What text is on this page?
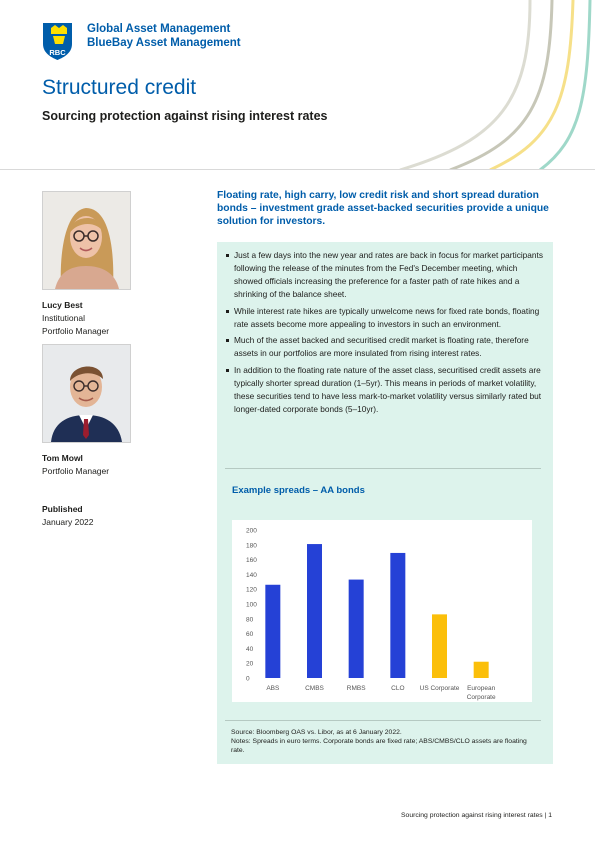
RBC
Global Asset Management
BlueBay Asset Management
Structured credit
Sourcing protection against rising interest rates
Lucy Best
Institutional
Portfolio Manager
Tom Mowl
Portfolio Manager
Published
January 2022
Floating rate, high carry, low credit risk and short spread duration bonds – investment grade asset-backed securities provide a unique solution for investors.
Just a few days into the new year and rates are back in focus for market participants following the release of the minutes from the Fed's December meeting, which showed officials increasing the preference for a faster path of rate hikes and a shrinking of the balance sheet.
While interest rate hikes are typically unwelcome news for fixed rate bonds, floating rate assets become more appealing to investors in such an environment.
Much of the asset backed and securitised credit market is floating rate, therefore assets in our portfolios are more insulated from rising interest rates.
In addition to the floating rate nature of the asset class, securitised credit assets are typically shorter spread duration (1–5yr). This means in periods of market volatility, these securities tend to have less mark-to-market volatility versus similarly rated but longer-dated corporate bonds (5–10yr).
Example spreads – AA bonds
0
20
40
60
80
100
120
140
160
180
200
ABS	CMBS	RMBS	CLO US Corporate European
Corporate
Source: Bloomberg OAS vs. Libor, as at 6 January 2022.
Notes: Spreads in euro terms. Corporate bonds are fixed rate; ABS/CMBS/CLO assets are floating rate.
Sourcing protection against rising interest rates | 1
